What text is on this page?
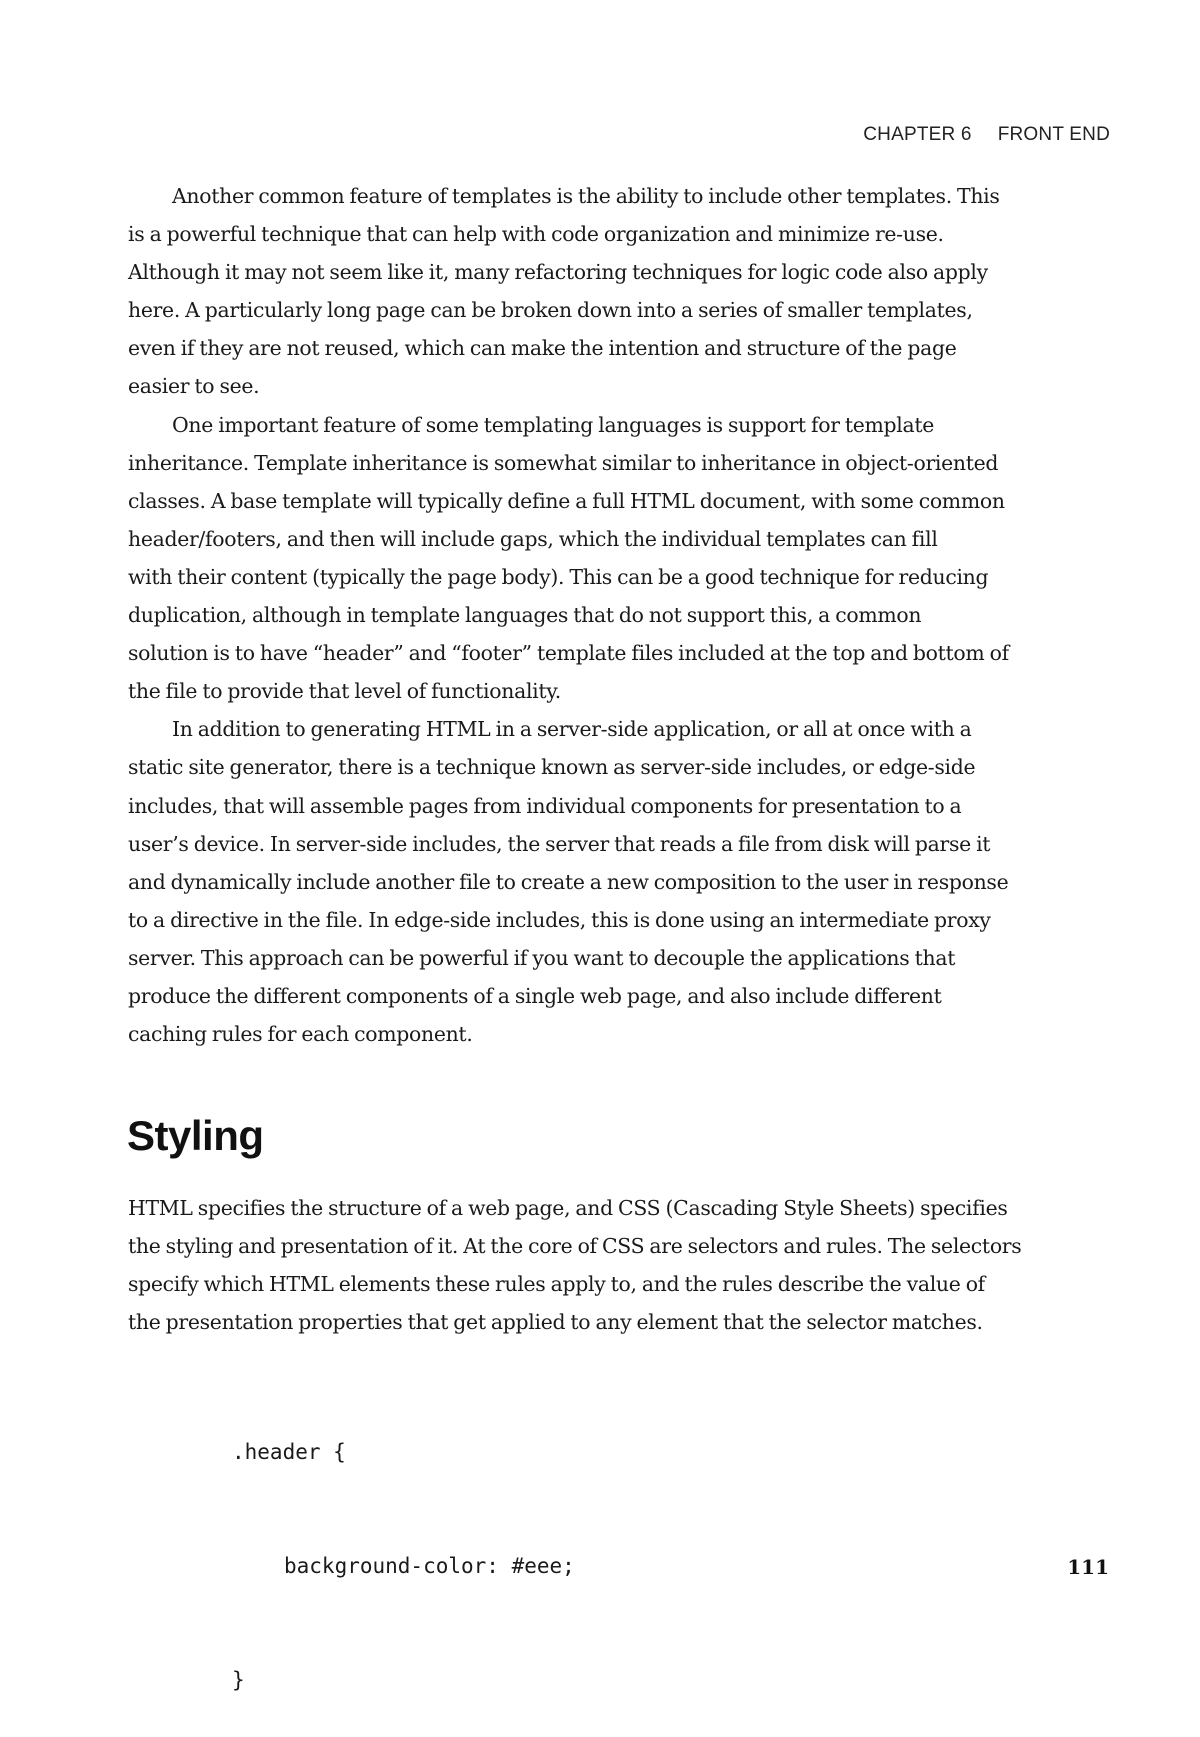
CHAPTER 6 FRONT END
Another common feature of templates is the ability to include other templates. This
is a powerful technique that can help with code organization and minimize re-use.
Although it may not seem like it, many refactoring techniques for logic code also apply
here. A particularly long page can be broken down into a series of smaller templates,
even if they are not reused, which can make the intention and structure of the page
easier to see.
One important feature of some templating languages is support for template
inheritance. Template inheritance is somewhat similar to inheritance in object-oriented
classes. A base template will typically define a full HTML document, with some common
header/footers, and then will include gaps, which the individual templates can fill
with their content (typically the page body). This can be a good technique for reducing
duplication, although in template languages that do not support this, a common
solution is to have “header” and “footer” template files included at the top and bottom of
the file to provide that level of functionality.
In addition to generating HTML in a server-side application, or all at once with a
static site generator, there is a technique known as server-side includes, or edge-side
includes, that will assemble pages from individual components for presentation to a
user’s device. In server-side includes, the server that reads a file from disk will parse it
and dynamically include another file to create a new composition to the user in response
to a directive in the file. In edge-side includes, this is done using an intermediate proxy
server. This approach can be powerful if you want to decouple the applications that
produce the different components of a single web page, and also include different
caching rules for each component.
Styling
HTML specifies the structure of a web page, and CSS (Cascading Style Sheets) specifies
the styling and presentation of it. At the core of CSS are selectors and rules. The selectors
specify which HTML elements these rules apply to, and the rules describe the value of
the presentation properties that get applied to any element that the selector matches.

.header {

background-color: #eee;

}

111
